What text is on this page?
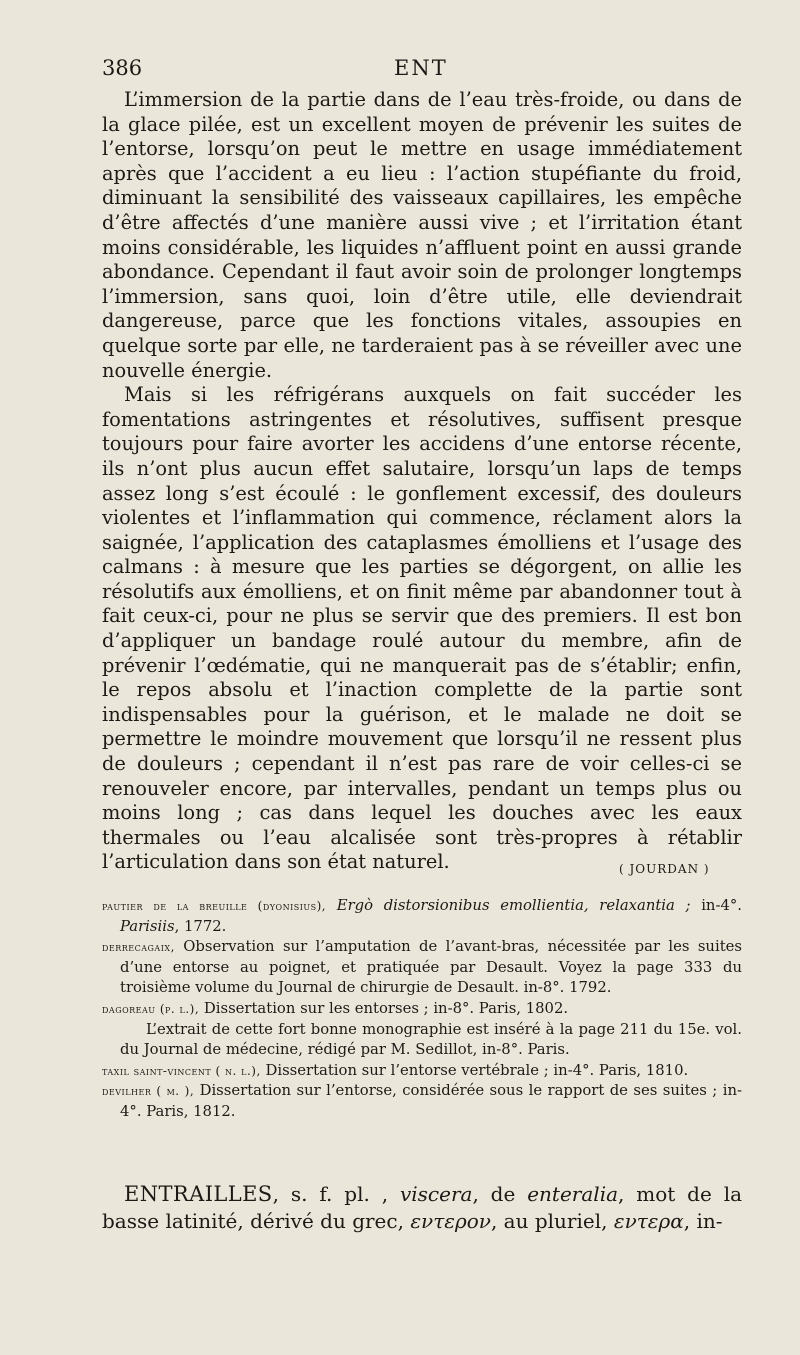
386	ENT

L’immersion de la partie dans de l’eau très-froide, ou dans de la glace pilée, est un excellent moyen de prévenir les suites de l’entorse, lorsqu’on peut le mettre en usage immédiatement après que l’accident a eu lieu : l’action stupéfiante du froid, diminuant la sensibilité des vaisseaux capillaires, les empêche d’être affectés d’une manière aussi vive ; et l’irritation étant moins considérable, les liquides n’affluent point en aussi grande abondance. Cependant il faut avoir soin de prolonger longtemps l’immersion, sans quoi, loin d’être utile, elle deviendrait dangereuse, parce que les fonctions vitales, assoupies en quelque sorte par elle, ne tarderaient pas à se réveiller avec une nouvelle énergie.

Mais si les réfrigérans auxquels on fait succéder les fomentations astringentes et résolutives, suffisent presque toujours pour faire avorter les accidens d’une entorse récente, ils n’ont plus aucun effet salutaire, lorsqu’un laps de temps assez long s’est écoulé : le gonflement excessif, des douleurs violentes et l’inflammation qui commence, réclament alors la saignée, l’application des cataplasmes émolliens et l’usage des calmans : à mesure que les parties se dégorgent, on allie les résolutifs aux émolliens, et on finit même par abandonner tout à fait ceux-ci, pour ne plus se servir que des premiers. Il est bon d’appliquer un bandage roulé autour du membre, afin de prévenir l’œdématie, qui ne manquerait pas de s’établir; enfin, le repos absolu et l’inaction complette de la partie sont indispensables pour la guérison, et le malade ne doit se permettre le moindre mouvement que lorsqu’il ne ressent plus de douleurs ; cependant il n’est pas rare de voir celles-ci se renouveler encore, par intervalles, pendant un temps plus ou moins long ; cas dans lequel les douches avec les eaux thermales ou l’eau alcalisée sont très-propres à rétablir l’articulation dans son état naturel.	( JOURDAN )

pautier de la breuille (dyonisius), Ergò distorsionibus emollientia, relaxantia ; in-4°. Parisiis, 1772.

derrecagaix, Observation sur l’amputation de l’avant-bras, nécessitée par les suites d’une entorse au poignet, et pratiquée par Desault. Voyez la page 333 du troisième volume du Journal de chirurgie de Desault. in-8°. 1792.

dagoreau (p. l.), Dissertation sur les entorses ; in-8°. Paris, 1802.
L’extrait de cette fort bonne monographie est inséré à la page 211 du 15e. vol. du Journal de médecine, rédigé par M. Sedillot, in-8°. Paris.

taxil saint-vincent ( n. l.), Dissertation sur l’entorse vertébrale ; in-4°. Paris, 1810.

devilher ( m. ), Dissertation sur l’entorse, considérée sous le rapport de ses suites ; in-4°. Paris, 1812.

ENTRAILLES, s. f. pl. , viscera, de enteralia, mot de la basse latinité, dérivé du grec, εντερον, au pluriel, εντερα, in-
